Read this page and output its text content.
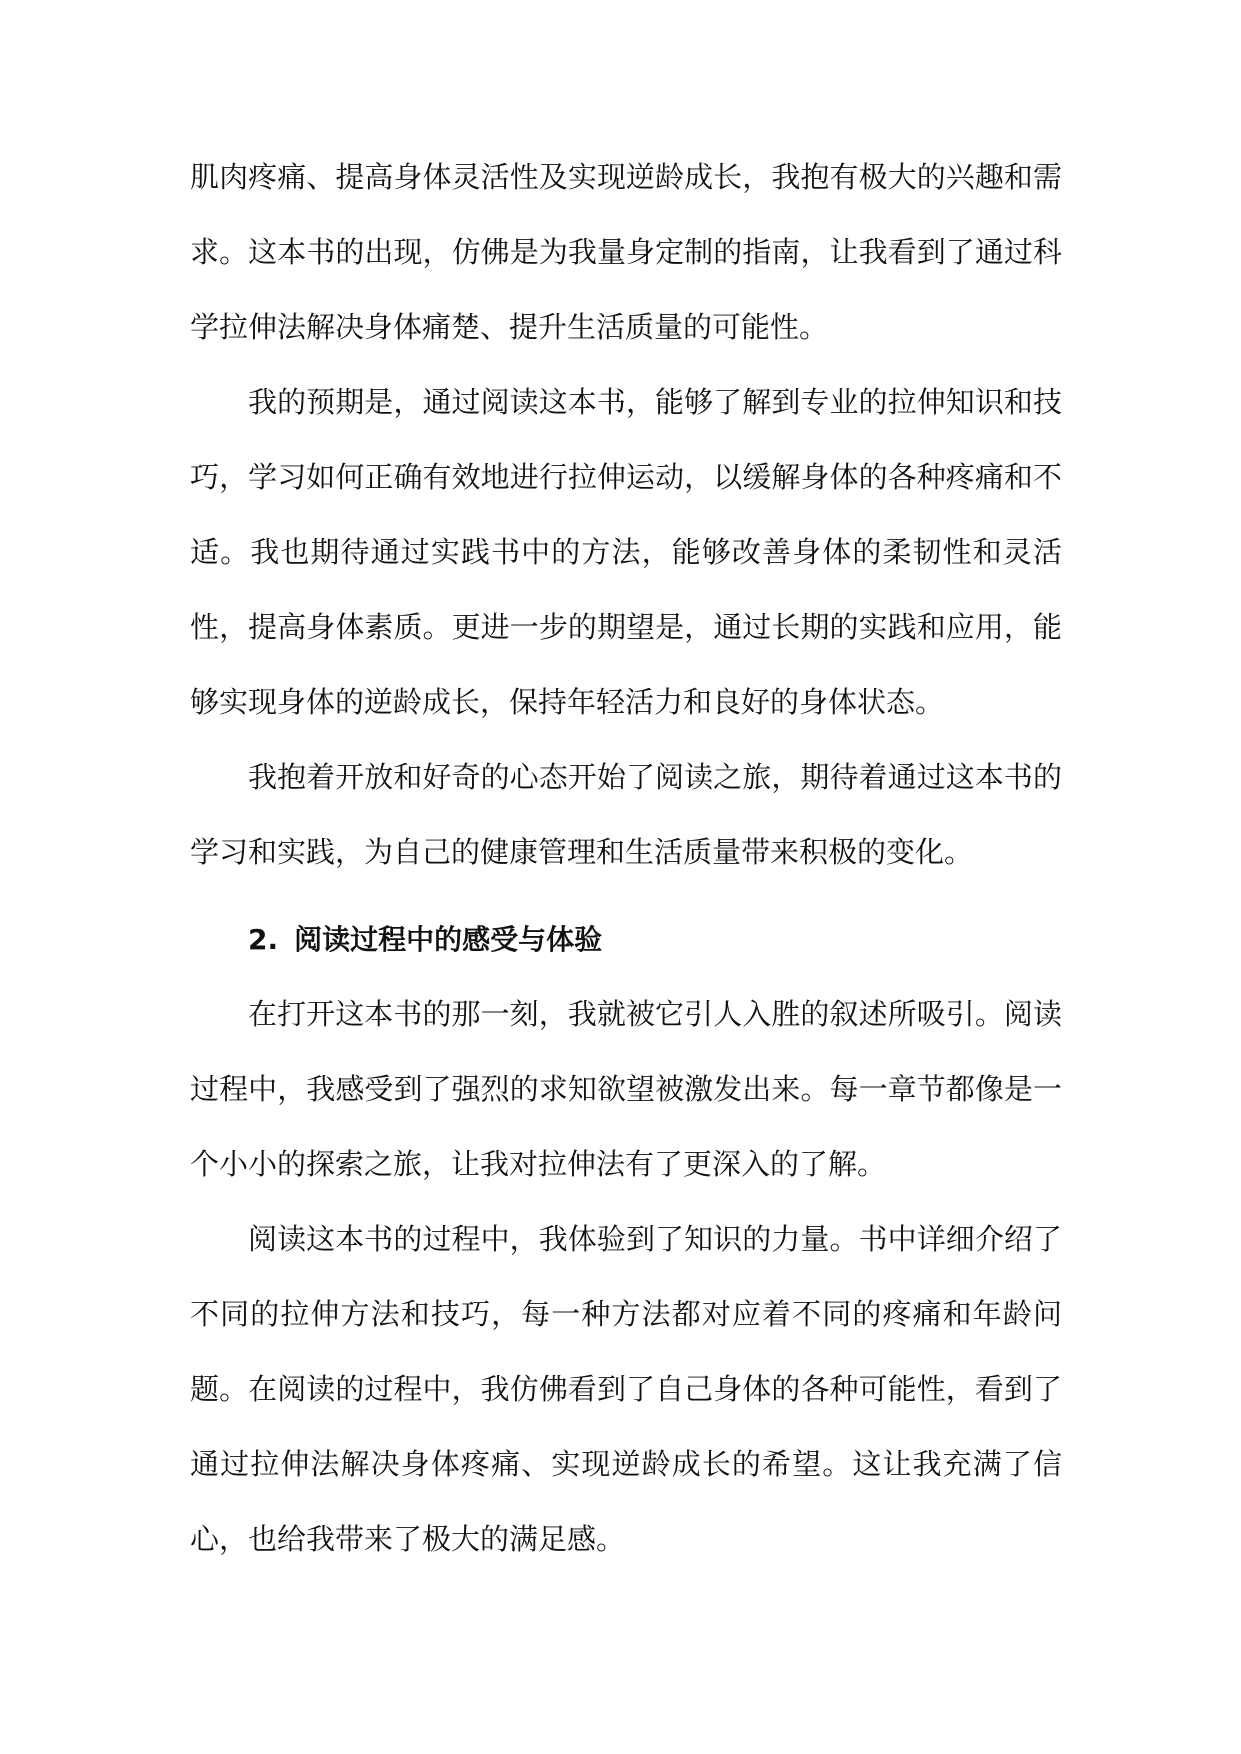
肌肉疼痛、提高身体灵活性及实现逆龄成长，我抱有极大的兴趣和需求。这本书的出现，仿佛是为我量身定制的指南，让我看到了通过科学拉伸法解决身体痛楚、提升生活质量的可能性。

我的预期是，通过阅读这本书，能够了解到专业的拉伸知识和技巧，学习如何正确有效地进行拉伸运动，以缓解身体的各种疼痛和不适。我也期待通过实践书中的方法，能够改善身体的柔韧性和灵活性，提高身体素质。更进一步的期望是，通过长期的实践和应用，能够实现身体的逆龄成长，保持年轻活力和良好的身体状态。

我抱着开放和好奇的心态开始了阅读之旅，期待着通过这本书的学习和实践，为自己的健康管理和生活质量带来积极的变化。

2. 阅读过程中的感受与体验

在打开这本书的那一刻，我就被它引人入胜的叙述所吸引。阅读过程中，我感受到了强烈的求知欲望被激发出来。每一章节都像是一个小小的探索之旅，让我对拉伸法有了更深入的了解。

阅读这本书的过程中，我体验到了知识的力量。书中详细介绍了不同的拉伸方法和技巧，每一种方法都对应着不同的疼痛和年龄问题。在阅读的过程中，我仿佛看到了自己身体的各种可能性，看到了通过拉伸法解决身体疼痛、实现逆龄成长的希望。这让我充满了信心，也给我带来了极大的满足感。
